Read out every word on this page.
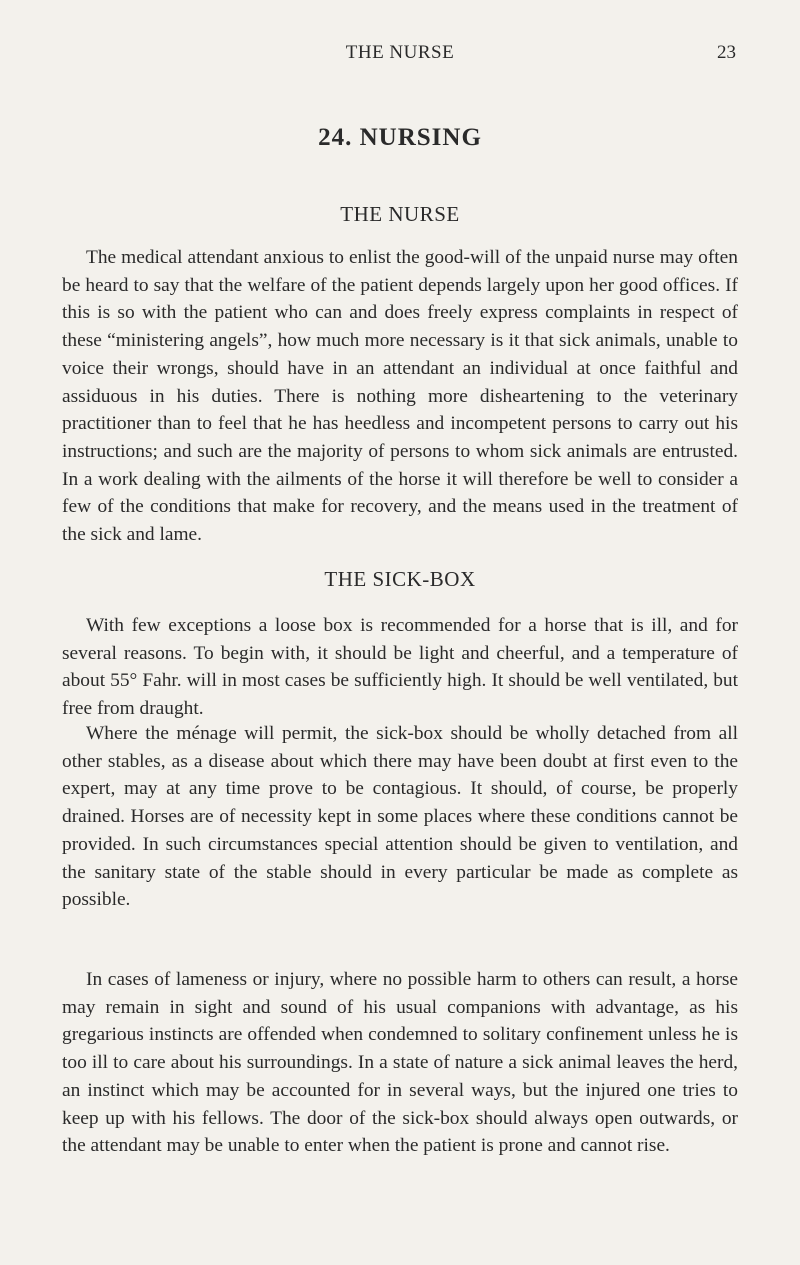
THE NURSE	23
24. NURSING
THE NURSE

The medical attendant anxious to enlist the good-will of the unpaid nurse may often be heard to say that the welfare of the patient depends largely upon her good offices. If this is so with the patient who can and does freely express complaints in respect of these “ministering angels”, how much more necessary is it that sick animals, unable to voice their wrongs, should have in an attendant an individual at once faithful and assiduous in his duties. There is nothing more disheartening to the veterinary practitioner than to feel that he has heedless and incompetent persons to carry out his instructions; and such are the majority of persons to whom sick animals are entrusted. In a work dealing with the ailments of the horse it will therefore be well to consider a few of the conditions that make for recovery, and the means used in the treatment of the sick and lame.

THE SICK-BOX

With few exceptions a loose box is recommended for a horse that is ill, and for several reasons. To begin with, it should be light and cheerful, and a temperature of about 55° Fahr. will in most cases be sufficiently high. It should be well ventilated, but free from draught.

Where the ménage will permit, the sick-box should be wholly detached from all other stables, as a disease about which there may have been doubt at first even to the expert, may at any time prove to be contagious. It should, of course, be properly drained. Horses are of necessity kept in some places where these conditions cannot be provided. In such circumstances special attention should be given to ventilation, and the sanitary state of the stable should in every particular be made as complete as possible.

In cases of lameness or injury, where no possible harm to others can result, a horse may remain in sight and sound of his usual companions with advantage, as his gregarious instincts are offended when condemned to solitary confinement unless he is too ill to care about his surroundings. In a state of nature a sick animal leaves the herd, an instinct which may be accounted for in several ways, but the injured one tries to keep up with his fellows. The door of the sick-box should always open outwards, or the attendant may be unable to enter when the patient is prone and cannot rise.
